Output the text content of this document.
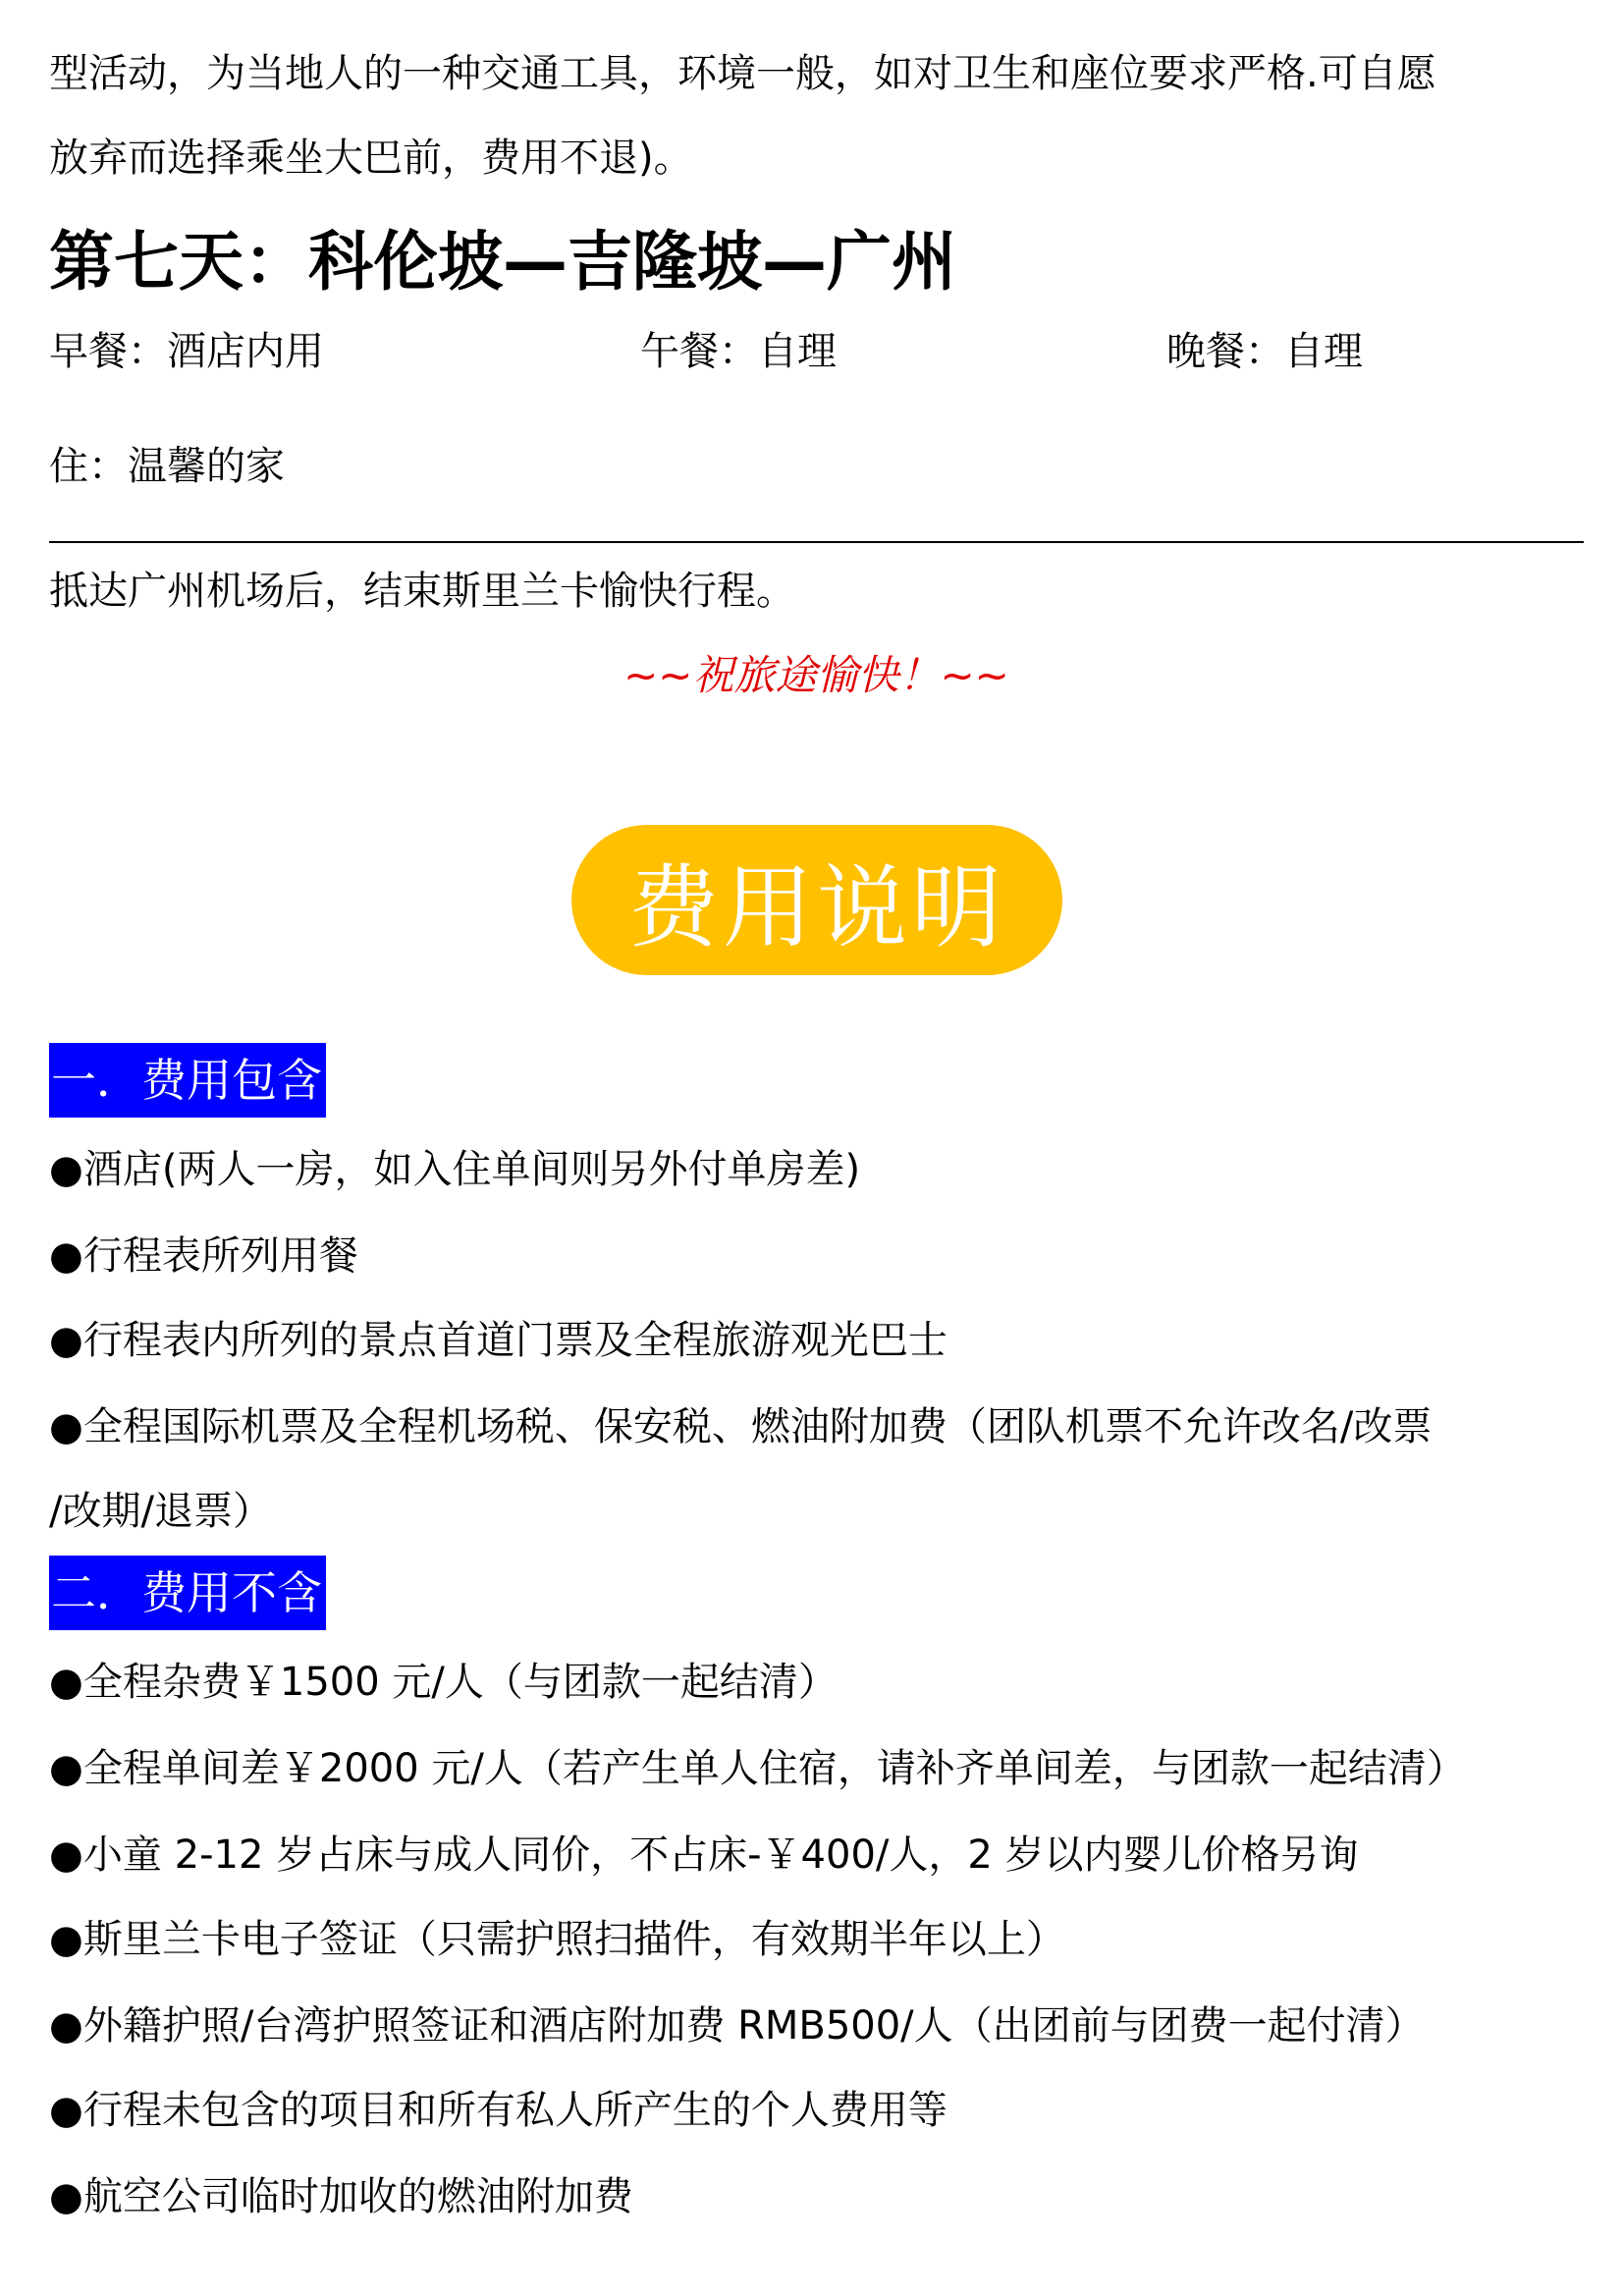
型活动，为当地人的一种交通工具，环境一般，如对卫生和座位要求严格.可自愿

放弃而选择乘坐大巴前，费用不退)。

第七天：科伦坡—吉隆坡—广州
早餐：酒店内用	午餐：自理	晚餐：自理
住：温馨的家
抵达广州机场后，结束斯里兰卡愉快行程。
~~祝旅途愉快！~~
费用说明
一．费用包含

●酒店(两人一房，如入住单间则另外付单房差)

●行程表所列用餐

●行程表内所列的景点首道门票及全程旅游观光巴士

●全程国际机票及全程机场税、保安税、燃油附加费（团队机票不允许改名/改票

/改期/退票）

二．费用不含

●全程杂费￥1500 元/人（与团款一起结清）

●全程单间差￥2000 元/人（若产生单人住宿，请补齐单间差，与团款一起结清）

●小童 2-12 岁占床与成人同价，不占床-￥400/人，2 岁以内婴儿价格另询

●斯里兰卡电子签证（只需护照扫描件，有效期半年以上）

●外籍护照/台湾护照签证和酒店附加费 RMB500/人（出团前与团费一起付清）

●行程未包含的项目和所有私人所产生的个人费用等

●航空公司临时加收的燃油附加费
